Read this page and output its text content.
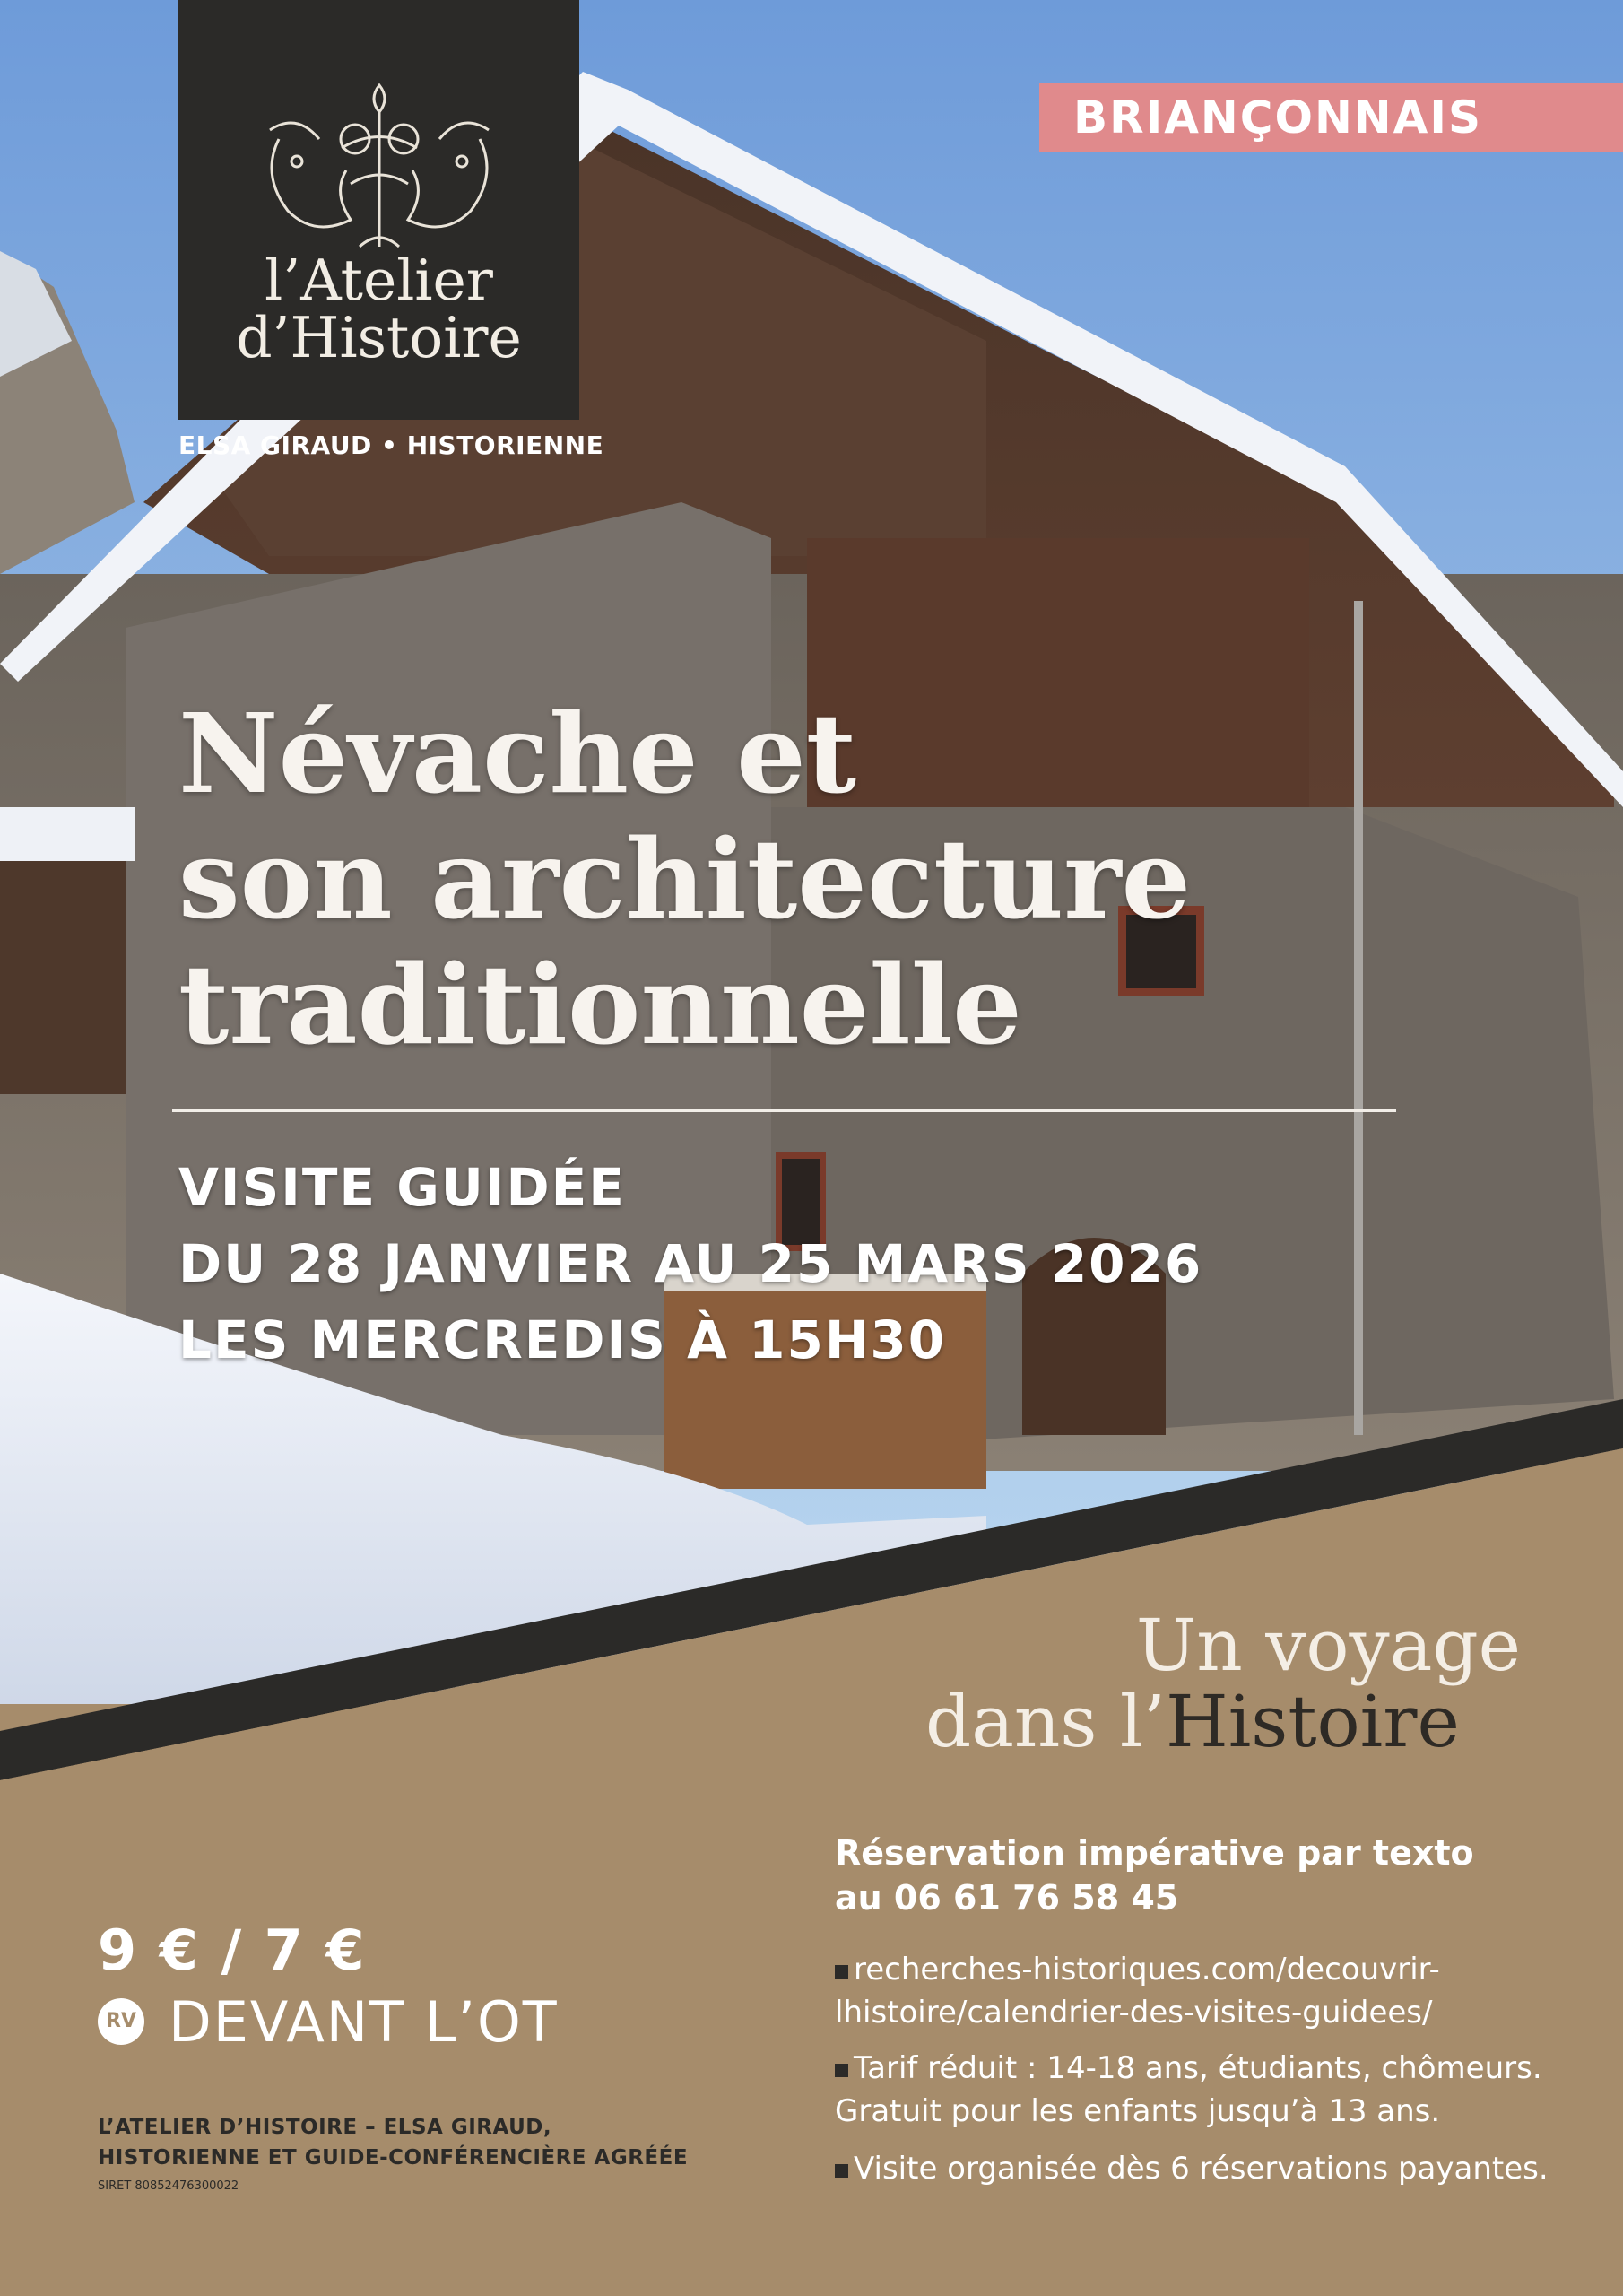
l’Atelier
d’Histoire
ELSA GIRAUD • HISTORIENNE
BRIANÇONNAIS
Névache et
son architecture
traditionnelle
VISITE GUIDÉE
DU 28 JANVIER AU 25 MARS 2026
LES MERCREDIS À 15H30
Un voyage
dans l’Histoire
Réservation impérative par texto
au 06 61 76 58 45
recherches-historiques.com/decouvrir-lhistoire/calendrier-des-visites-guidees/
Tarif réduit : 14-18 ans, étudiants, chômeurs. Gratuit pour les enfants jusqu’à 13 ans.
Visite organisée dès 6 réservations payantes.
9 € / 7 €
RV DEVANT L’OT
L’ATELIER D’HISTOIRE – ELSA GIRAUD,
HISTORIENNE ET GUIDE-CONFÉRENCIÈRE AGRÉÉE
SIRET 80852476300022
